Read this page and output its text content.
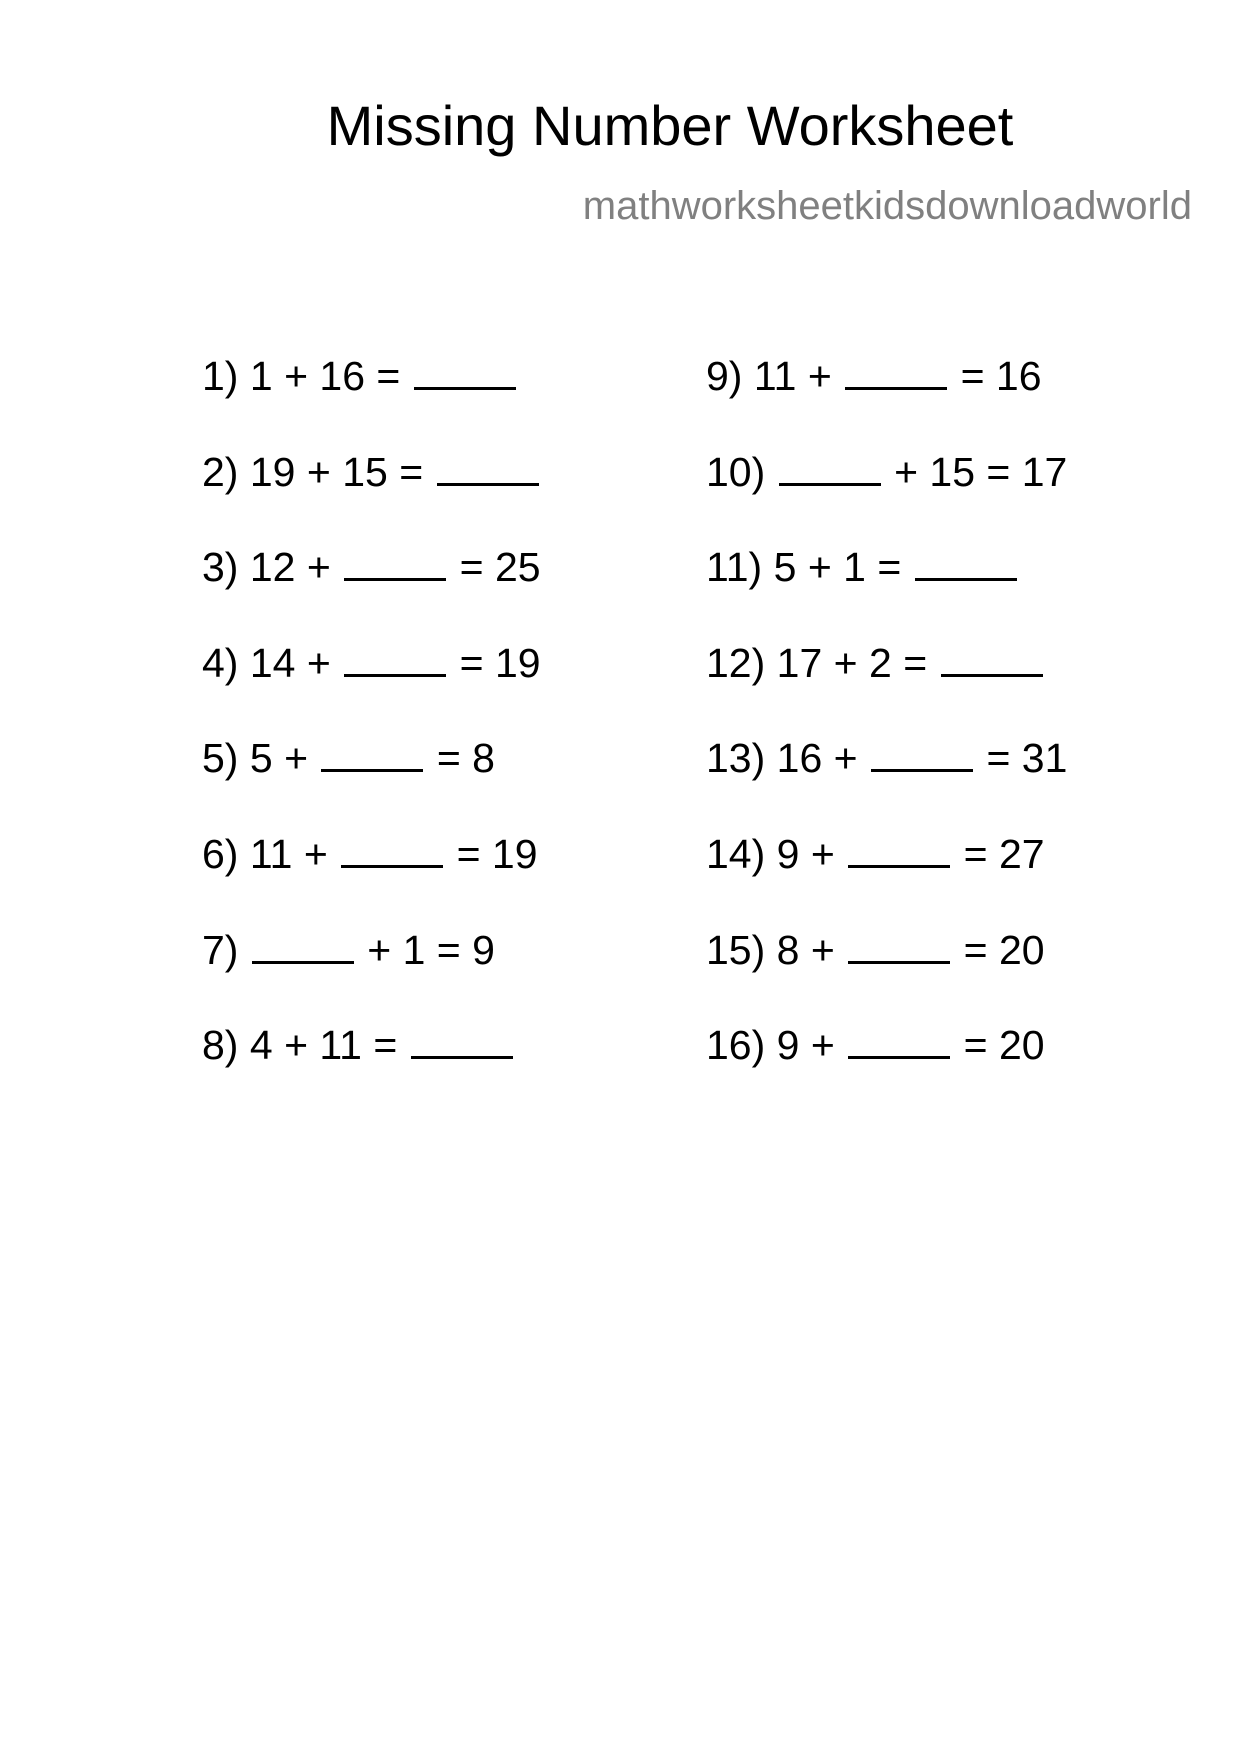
Missing Number Worksheet
mathworksheetkidsdownloadworld
1) 1 + 16 =
2) 19 + 15 =
3) 12 +	= 25
4) 14 +	= 19
5) 5 +	= 8
6) 11 +	= 19
7)	+ 1 = 9
8) 4 + 11 =
9) 11 +	= 16
10)	+ 15 = 17
11) 5 + 1 =
12) 17 + 2 =
13) 16 +	= 31
14) 9 +	= 27
15) 8 +	= 20
16) 9 +	= 20
